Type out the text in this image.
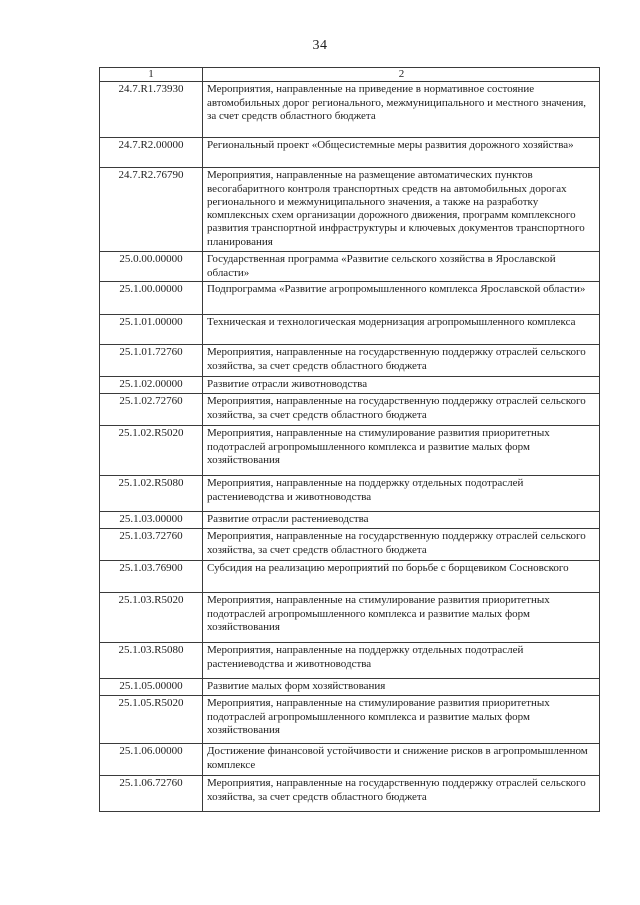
34
1	2
24.7.R1.73930	Мероприятия, направленные на приведение в нормативное состояние автомобильных дорог регионального, межмуниципального и местного значения, за счет средств областного бюджета
24.7.R2.00000	Региональный проект «Общесистемные меры развития дорожного хозяйства»
24.7.R2.76790	Мероприятия, направленные на размещение автоматических пунктов весогабаритного контроля транспортных средств на автомобильных дорогах регионального и межмуниципального значения, а также на разработку комплексных схем организации дорожного движения, программ комплексного развития транспортной инфраструктуры и ключевых документов транспортного планирования
25.0.00.00000	Государственная программа «Развитие сельского хозяйства в Ярославской области»
25.1.00.00000	Подпрограмма «Развитие агропромышленного комплекса Ярославской области»
25.1.01.00000	Техническая и технологическая модернизация агропромышленного комплекса
25.1.01.72760	Мероприятия, направленные на государственную поддержку отраслей сельского хозяйства, за счет средств областного бюджета
25.1.02.00000	Развитие отрасли животноводства
25.1.02.72760	Мероприятия, направленные на государственную поддержку отраслей сельского хозяйства, за счет средств областного бюджета
25.1.02.R5020	Мероприятия, направленные на стимулирование развития приоритетных подотраслей агропромышленного комплекса и развитие малых форм хозяйствования
25.1.02.R5080	Мероприятия, направленные на поддержку отдельных подотраслей растениеводства и животноводства
25.1.03.00000	Развитие отрасли растениеводства
25.1.03.72760	Мероприятия, направленные на государственную поддержку отраслей сельского хозяйства, за счет средств областного бюджета
25.1.03.76900	Субсидия на реализацию мероприятий по борьбе с борщевиком Сосновского
25.1.03.R5020	Мероприятия, направленные на стимулирование развития приоритетных подотраслей агропромышленного комплекса и развитие малых форм хозяйствования
25.1.03.R5080	Мероприятия, направленные на поддержку отдельных подотраслей растениеводства и животноводства
25.1.05.00000	Развитие малых форм хозяйствования
25.1.05.R5020	Мероприятия, направленные на стимулирование развития приоритетных подотраслей агропромышленного комплекса и развитие малых форм хозяйствования
25.1.06.00000	Достижение финансовой устойчивости и снижение рисков в агропромышленном комплексе
25.1.06.72760	Мероприятия, направленные на государственную поддержку отраслей сельского хозяйства, за счет средств областного бюджета
